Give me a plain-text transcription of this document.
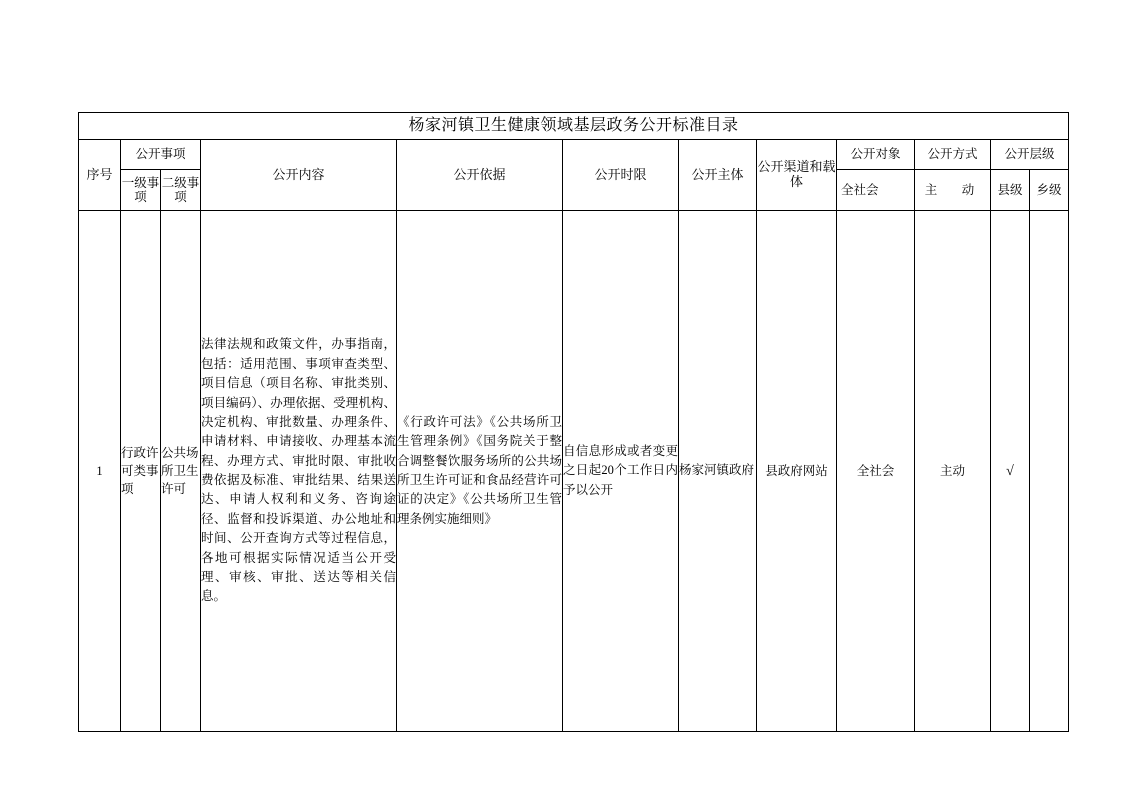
杨家河镇卫生健康领域基层政务公开标准目录											
序号	公开事项		公开内容	公开依据	公开时限	公开主体	公开渠道和载体	公开对象	公开方式	公开层级	
	一级事项	二级事项						全社会	主　动	县级	乡级
1	行政许可类事项	公共场所卫生许可	法律法规和政策文件，办事指南，包括：适用范围、事项审查类型、项目信息（项目名称、审批类别、项目编码）、办理依据、受理机构、决定机构、审批数量、办理条件、申请材料、申请接收、办理基本流程、办理方式、审批时限、审批收费依据及标准、审批结果、结果送达、申请人权利和义务、咨询途径、监督和投诉渠道、办公地址和时间、公开查询方式等过程信息，各地可根据实际情况适当公开受理、审核、审批、送达等相关信息。	《行政许可法》《公共场所卫生管理条例》《国务院关于整合调整餐饮服务场所的公共场所卫生许可证和食品经营许可证的决定》《公共场所卫生管理条例实施细则》	自信息形成或者变更之日起20个工作日内予以公开	杨家河镇政府	县政府网站	全社会	主动	√	
